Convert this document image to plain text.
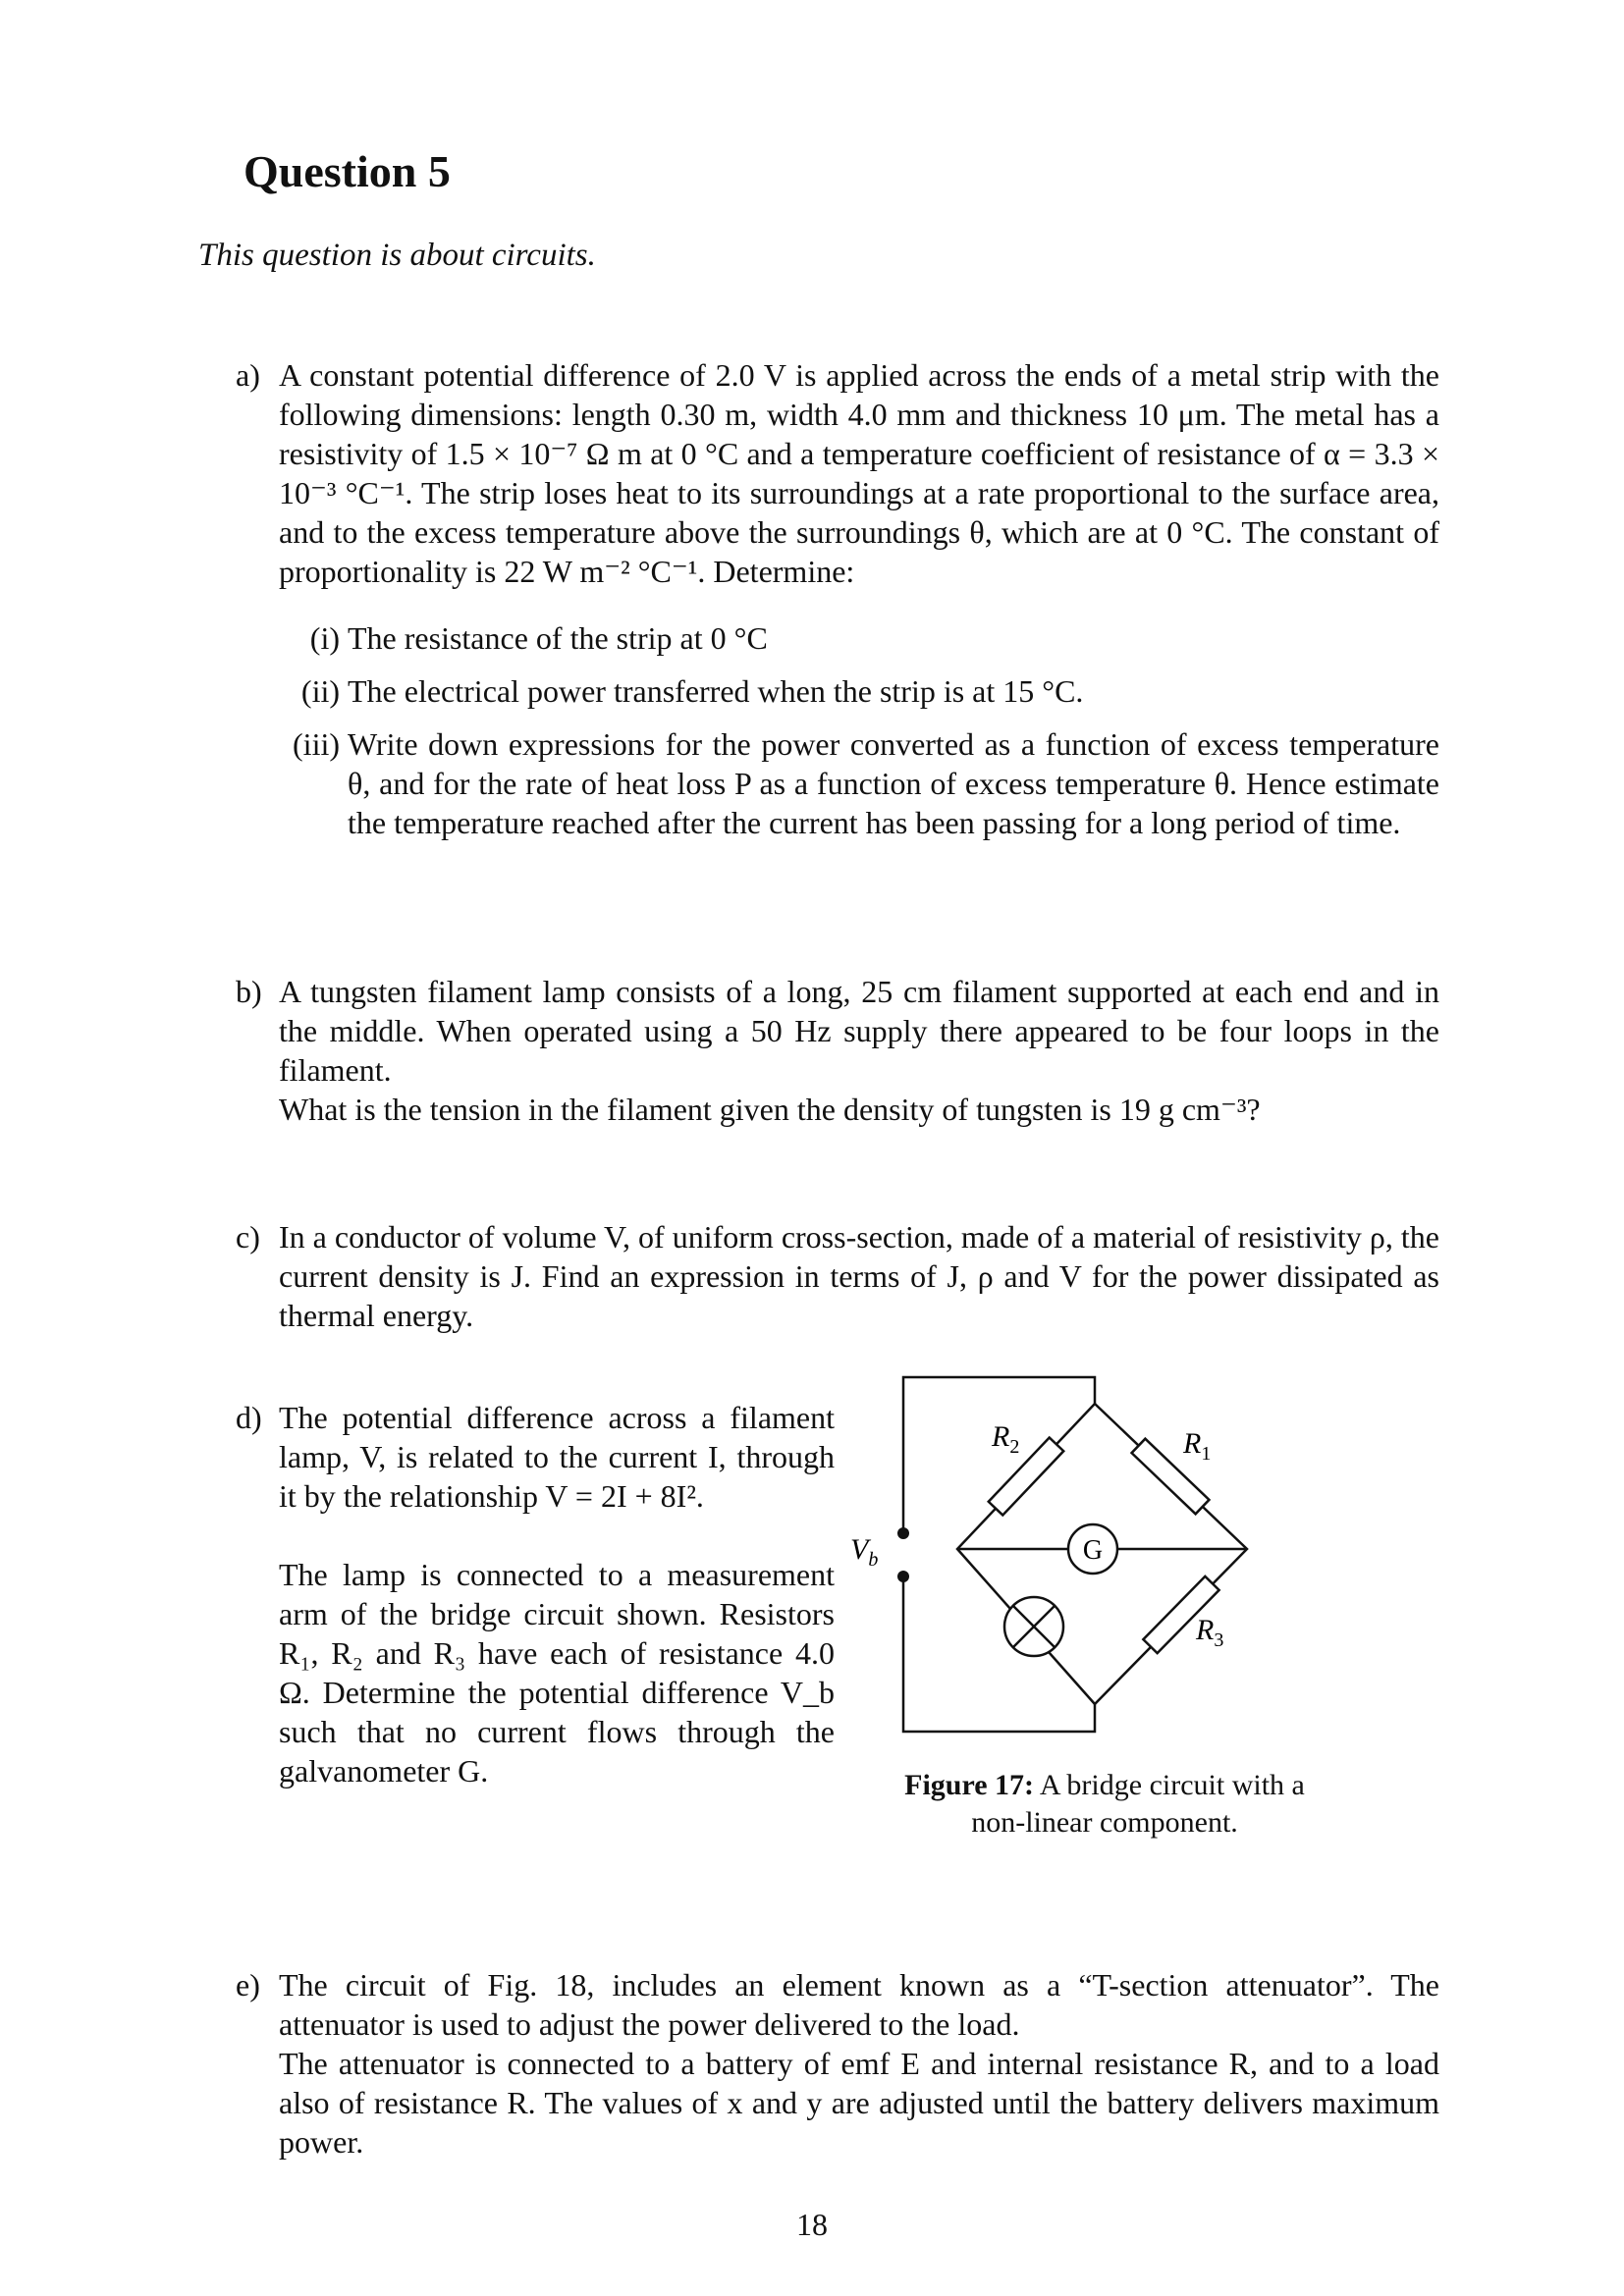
Question 5
This question is about circuits.
a) A constant potential difference of 2.0 V is applied across the ends of a metal strip with the following dimensions: length 0.30 m, width 4.0 mm and thickness 10 μm. The metal has a resistivity of 1.5 × 10⁻⁷ Ω m at 0 °C and a temperature coefficient of resistance of α = 3.3 × 10⁻³ °C⁻¹. The strip loses heat to its surroundings at a rate proportional to the surface area, and to the excess temperature above the surroundings θ, which are at 0 °C. The constant of proportionality is 22 W m⁻² °C⁻¹. Determine:

(i) The resistance of the strip at 0 °C
(ii) The electrical power transferred when the strip is at 15 °C.
(iii) Write down expressions for the power converted as a function of excess temperature θ, and for the rate of heat loss P as a function of excess temperature θ. Hence estimate the temperature reached after the current has been passing for a long period of time.
b) A tungsten filament lamp consists of a long, 25 cm filament supported at each end and in the middle. When operated using a 50 Hz supply there appeared to be four loops in the filament.

What is the tension in the filament given the density of tungsten is 19 g cm⁻³?

c) In a conductor of volume V, of uniform cross-section, made of a material of resistivity ρ, the current density is J. Find an expression in terms of J, ρ and V for the power dissipated as thermal energy.

d) The potential difference across a filament lamp, V, is related to the current I, through it by the relationship V = 2I + 8I².

The lamp is connected to a measurement arm of the bridge circuit shown. Resistors R₁, R₂ and R₃ have each of resistance 4.0 Ω. Determine the potential difference V_b such that no current flows through the galvanometer G.

G
$R_2$	$R_1$
$R_3$
$V_b$
Figure 17: A bridge circuit with a non-linear component.
e) The circuit of Fig. 18, includes an element known as a “T-section attenuator”. The attenuator is used to adjust the power delivered to the load.

The attenuator is connected to a battery of emf E and internal resistance R, and to a load also of resistance R. The values of x and y are adjusted until the battery delivers maximum power.

18
